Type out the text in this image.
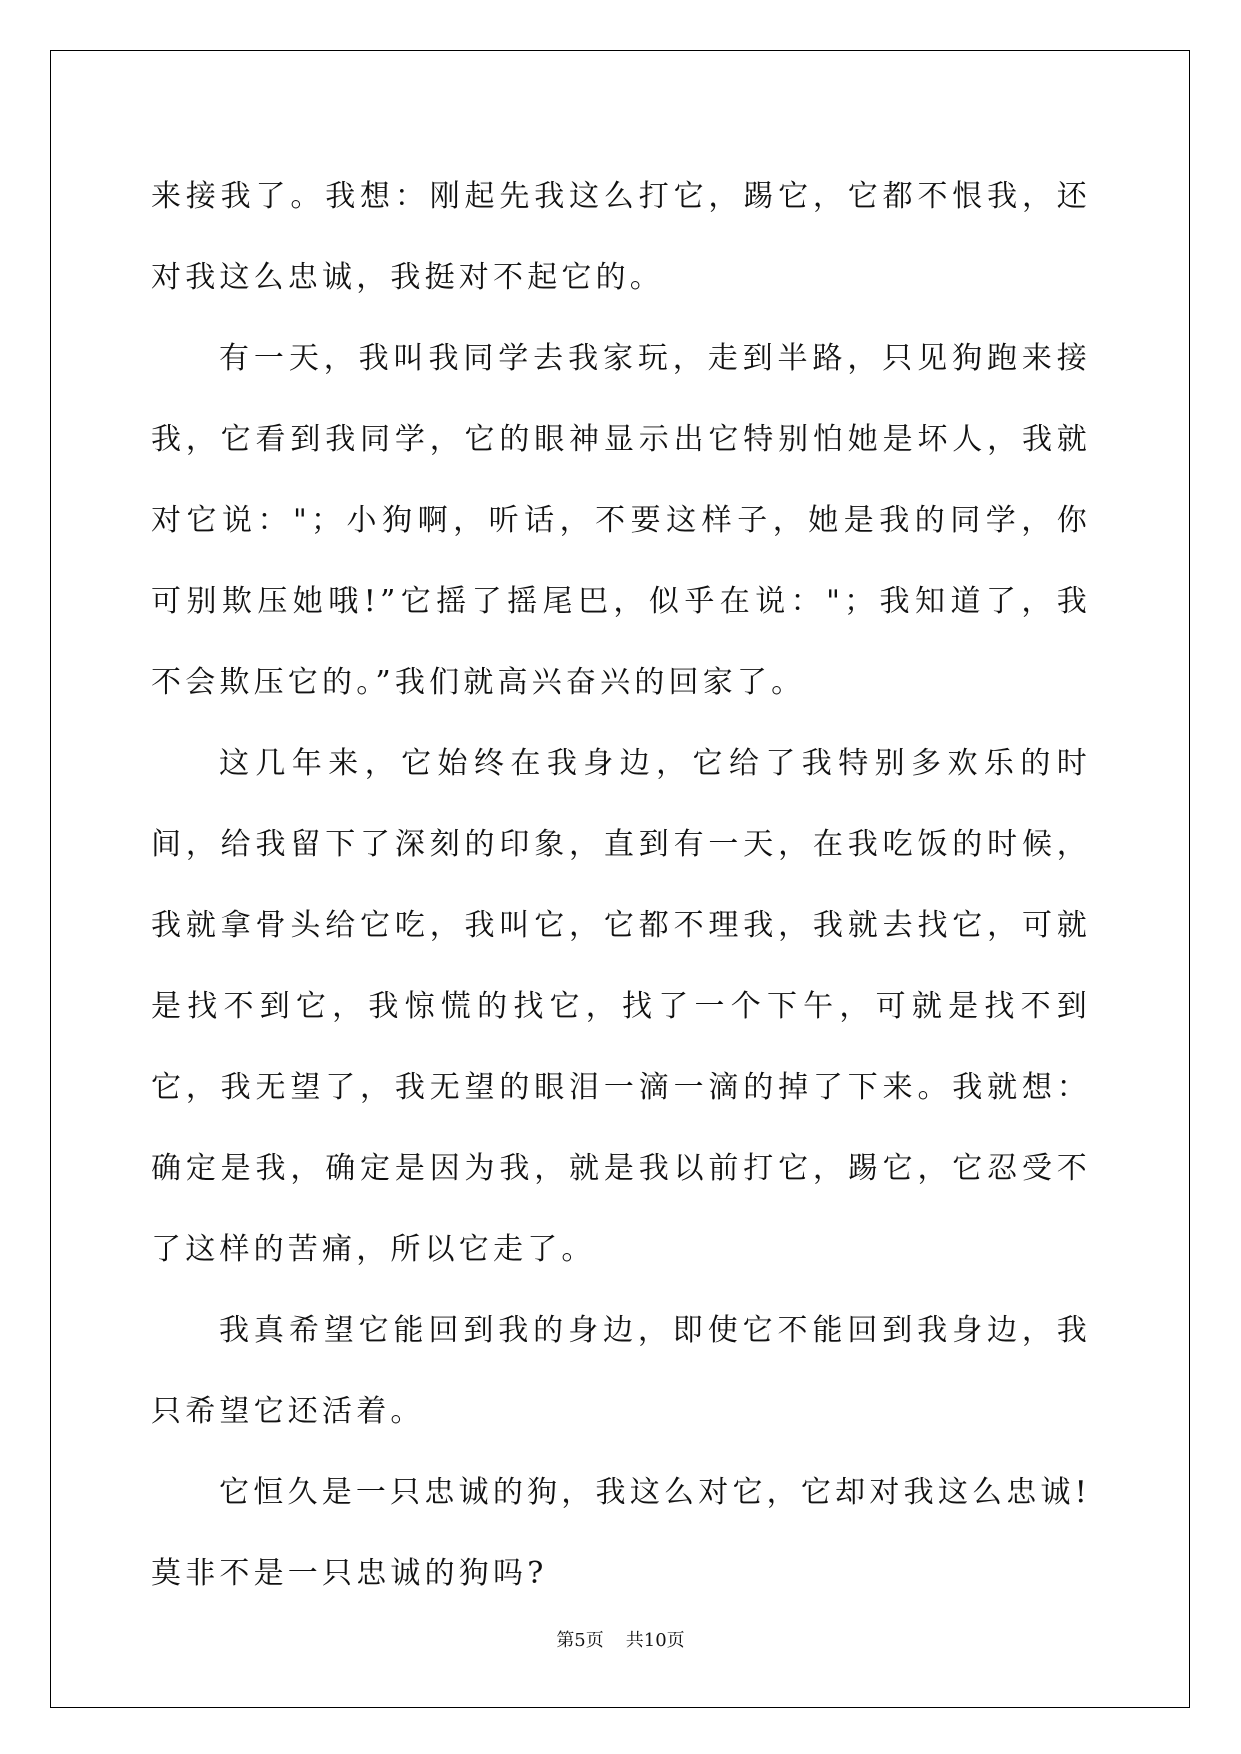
来接我了。我想：刚起先我这么打它，踢它，它都不恨我，还对我这么忠诚，我挺对不起它的。

有一天，我叫我同学去我家玩，走到半路，只见狗跑来接我，它看到我同学，它的眼神显示出它特别怕她是坏人，我就对它说："；小狗啊，听话，不要这样子，她是我的同学，你可别欺压她哦!”它摇了摇尾巴，似乎在说："；我知道了，我不会欺压它的。”我们就高兴奋兴的回家了。

这几年来，它始终在我身边，它给了我特别多欢乐的时间，给我留下了深刻的印象，直到有一天，在我吃饭的时候，我就拿骨头给它吃，我叫它，它都不理我，我就去找它，可就是找不到它，我惊慌的找它，找了一个下午，可就是找不到它，我无望了，我无望的眼泪一滴一滴的掉了下来。我就想：确定是我，确定是因为我，就是我以前打它，踢它，它忍受不了这样的苦痛，所以它走了。

我真希望它能回到我的身边，即使它不能回到我身边，我只希望它还活着。

它恒久是一只忠诚的狗，我这么对它，它却对我这么忠诚!莫非不是一只忠诚的狗吗?

第5页 共10页
